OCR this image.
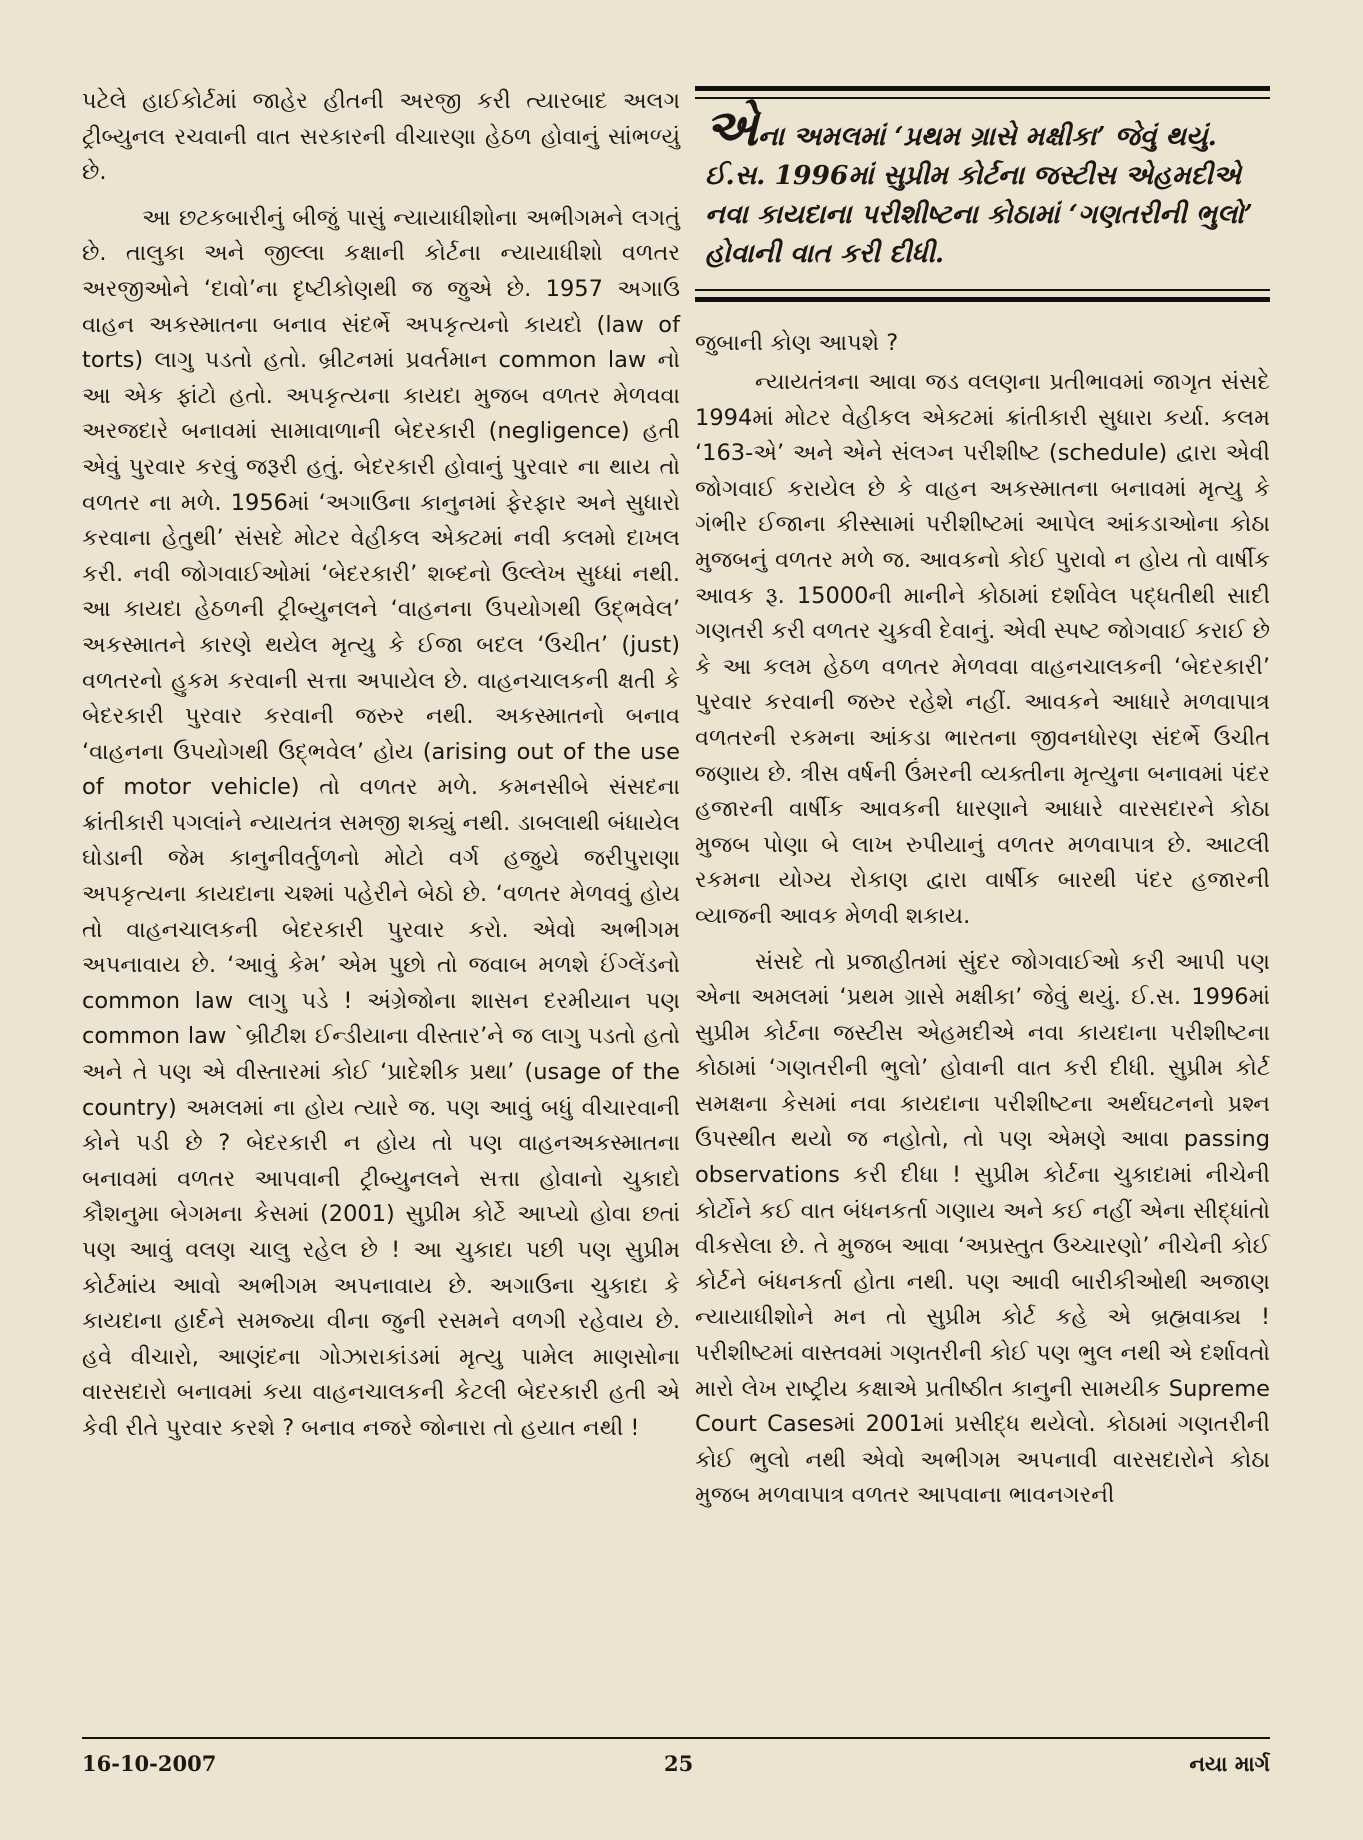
પટેલે હાઈકોર્ટમાં જાહેર હીતની અરજી કરી ત્યારબાદ અલગ ટ્રીબ્યુનલ રચવાની વાત સરકારની વીચારણા હેઠળ હોવાનું સાંભળ્યું છે.

આ છટકબારીનું બીજું પાસું ન્યાયાધીશોના અભીગમને લગતું છે. તાલુકા અને જીલ્લા કક્ષાની કોર્ટના ન્યાયાધીશો વળતર અરજીઓને ‘દાવો’ના દૃષ્ટીકોણથી જ જુએ છે. 1957 અગાઉ વાહન અકસ્માતના બનાવ સંદર્ભે અપકૃત્યનો કાયદો (law of torts) લાગુ પડતો હતો. બ્રીટનમાં પ્રવર્તમાન common law નો આ એક ફાંટો હતો. અપકૃત્યના કાયદા મુજબ વળતર મેળવવા અરજદારે બનાવમાં સામાવાળાની બેદરકારી (negligence) હતી એવું પુરવાર કરવું જરૂરી હતું. બેદરકારી હોવાનું પુરવાર ના થાય તો વળતર ના મળે. 1956માં ‘અગાઉના કાનુનમાં ફેરફાર અને સુધારો કરવાના હેતુથી’ સંસદે મોટર વેહીકલ એક્ટમાં નવી કલમો દાખલ કરી. નવી જોગવાઈઓમાં ‘બેદરકારી’ શબ્દનો ઉલ્લેખ સુધ્ધાં નથી. આ કાયદા હેઠળની ટ્રીબ્યુનલને ‘વાહનના ઉપયોગથી ઉદ્ભવેલ’ અકસ્માતને કારણે થયેલ મૃત્યુ કે ઈજા બદલ ‘ઉચીત’ (just) વળતરનો હુકમ કરવાની સત્તા અપાયેલ છે. વાહનચાલકની ક્ષતી કે બેદરકારી પુરવાર કરવાની જરુર નથી. અકસ્માતનો બનાવ ‘વાહનના ઉપયોગથી ઉદ્ભવેલ’ હોય (arising out of the use of motor vehicle) તો વળતર મળે. કમનસીબે સંસદના ક્રાંતીકારી પગલાંને ન્યાયતંત્ર સમજી શક્યું નથી. ડાબલાથી બંધાયેલ ઘોડાની જેમ કાનુનીવર્તુળનો મોટો વર્ગ હજુયે જરીપુરાણા અપકૃત્યના કાયદાના ચશ્માં પહેરીને બેઠો છે. ‘વળતર મેળવવું હોય તો વાહનચાલકની બેદરકારી પુરવાર કરો. એવો અભીગમ અપનાવાય છે. ‘આવું કેમ’ એમ પુછો તો જવાબ મળશે ઈંગ્લેંડનો common law લાગુ પડે ! અંગ્રેજોના શાસન દરમીયાન પણ common law `બ્રીટીશ ઈન્ડીયાના વીસ્તાર’ને જ લાગુ પડતો હતો અને તે પણ એ વીસ્તારમાં કોઈ ‘પ્રાદેશીક પ્રથા’ (usage of the country) અમલમાં ના હોય ત્યારે જ. પણ આવું બધું વીચારવાની કોને પડી છે ? બેદરકારી ન હોય તો પણ વાહનઅકસ્માતના બનાવમાં વળતર આપવાની ટ્રીબ્યુનલને સત્તા હોવાનો ચુકાદો કૌશનુમા બેગમના કેસમાં (2001) સુપ્રીમ કોર્ટે આપ્યો હોવા છતાં પણ આવું વલણ ચાલુ રહેલ છે ! આ ચુકાદા પછી પણ સુપ્રીમ કોર્ટમાંય આવો અભીગમ અપનાવાય છે. અગાઉના ચુકાદા કે કાયદાના હાર્દને સમજ્યા વીના જુની રસમને વળગી રહેવાય છે. હવે વીચારો, આણંદના ગોઝારાકાંડમાં મૃત્યુ પામેલ માણસોના વારસદારો બનાવમાં કયા વાહનચાલકની કેટલી બેદરકારી હતી એ કેવી રીતે પુરવાર કરશે ? બનાવ નજરે જોનારા તો હયાત નથી !

એના અમલમાં ‘પ્રથમ ગ્રાસે મક્ષીકા’ જેવું થયું. ઈ.સ. 1996માં સુપ્રીમ કોર્ટના જસ્ટીસ એહમદીએ નવા કાયદાના પરીશીષ્ટના કોઠામાં ‘ગણતરીની ભુલો’ હોવાની વાત કરી દીધી.

જુબાની કોણ આપશે ?

ન્યાયતંત્રના આવા જડ વલણના પ્રતીભાવમાં જાગૃત સંસદે 1994માં મોટર વેહીકલ એક્ટમાં ક્રાંતીકારી સુધારા કર્યા. કલમ ‘163-એ’ અને એને સંલગ્ન પરીશીષ્ટ (schedule) દ્વારા એવી જોગવાઈ કરાયેલ છે કે વાહન અકસ્માતના બનાવમાં મૃત્યુ કે ગંભીર ઈજાના કીસ્સામાં પરીશીષ્ટમાં આપેલ આંકડાઓના કોઠા મુજબનું વળતર મળે જ. આવકનો કોઈ પુરાવો ન હોય તો વાર્ષીક આવક રૂ. 15000ની માનીને કોઠામાં દર્શાવેલ પદ્ધતીથી સાદી ગણતરી કરી વળતર ચુકવી દેવાનું. એવી સ્પષ્ટ જોગવાઈ કરાઈ છે કે આ કલમ હેઠળ વળતર મેળવવા વાહનચાલકની ‘બેદરકારી’ પુરવાર કરવાની જરુર રહેશે નહીં. આવકને આધારે મળવાપાત્ર વળતરની રકમના આંકડા ભારતના જીવનધોરણ સંદર્ભે ઉચીત જણાય છે. ત્રીસ વર્ષની ઉંમરની વ્યક્તીના મૃત્યુના બનાવમાં પંદર હજારની વાર્ષીક આવકની ધારણાને આધારે વારસદારને કોઠા મુજબ પોણા બે લાખ રુપીયાનું વળતર મળવાપાત્ર છે. આટલી રકમના યોગ્ય રોકાણ દ્વારા વાર્ષીક બારથી પંદર હજારની વ્યાજની આવક મેળવી શકાય.

સંસદે તો પ્રજાહીતમાં સુંદર જોગવાઈઓ કરી આપી પણ એના અમલમાં ‘પ્રથમ ગ્રાસે મક્ષીકા’ જેવું થયું. ઈ.સ. 1996માં સુપ્રીમ કોર્ટના જસ્ટીસ એહમદીએ નવા કાયદાના પરીશીષ્ટના કોઠામાં ‘ગણતરીની ભુલો’ હોવાની વાત કરી દીધી. સુપ્રીમ કોર્ટ સમક્ષના કેસમાં નવા કાયદાના પરીશીષ્ટના અર્થઘટનનો પ્રશ્ન ઉપસ્થીત થયો જ નહોતો, તો પણ એમણે આવા passing observations કરી દીધા ! સુપ્રીમ કોર્ટના ચુકાદામાં નીચેની કોર્ટોને કઈ વાત બંધનકર્તા ગણાય અને કઈ નહીં એના સીદ્ધાંતો વીકસેલા છે. તે મુજબ આવા ‘અપ્રસ્તુત ઉચ્ચારણો’ નીચેની કોઈ કોર્ટને બંધનકર્તા હોતા નથી. પણ આવી બારીકીઓથી અજાણ ન્યાયાધીશોને મન તો સુપ્રીમ કોર્ટ કહે એ બ્રહ્મવાક્ય ! પરીશીષ્ટમાં વાસ્તવમાં ગણતરીની કોઈ પણ ભુલ નથી એ દર્શાવતો મારો લેખ રાષ્ટ્રીય કક્ષાએ પ્રતીષ્ઠીત કાનુની સામયીક Supreme Court Casesમાં 2001માં પ્રસીદ્ધ થયેલો. કોઠામાં ગણતરીની કોઈ ભુલો નથી એવો અભીગમ અપનાવી વારસદારોને કોઠા મુજબ મળવાપાત્ર વળતર આપવાના ભાવનગરની

16-10-2007	25	નયા માર્ગ
